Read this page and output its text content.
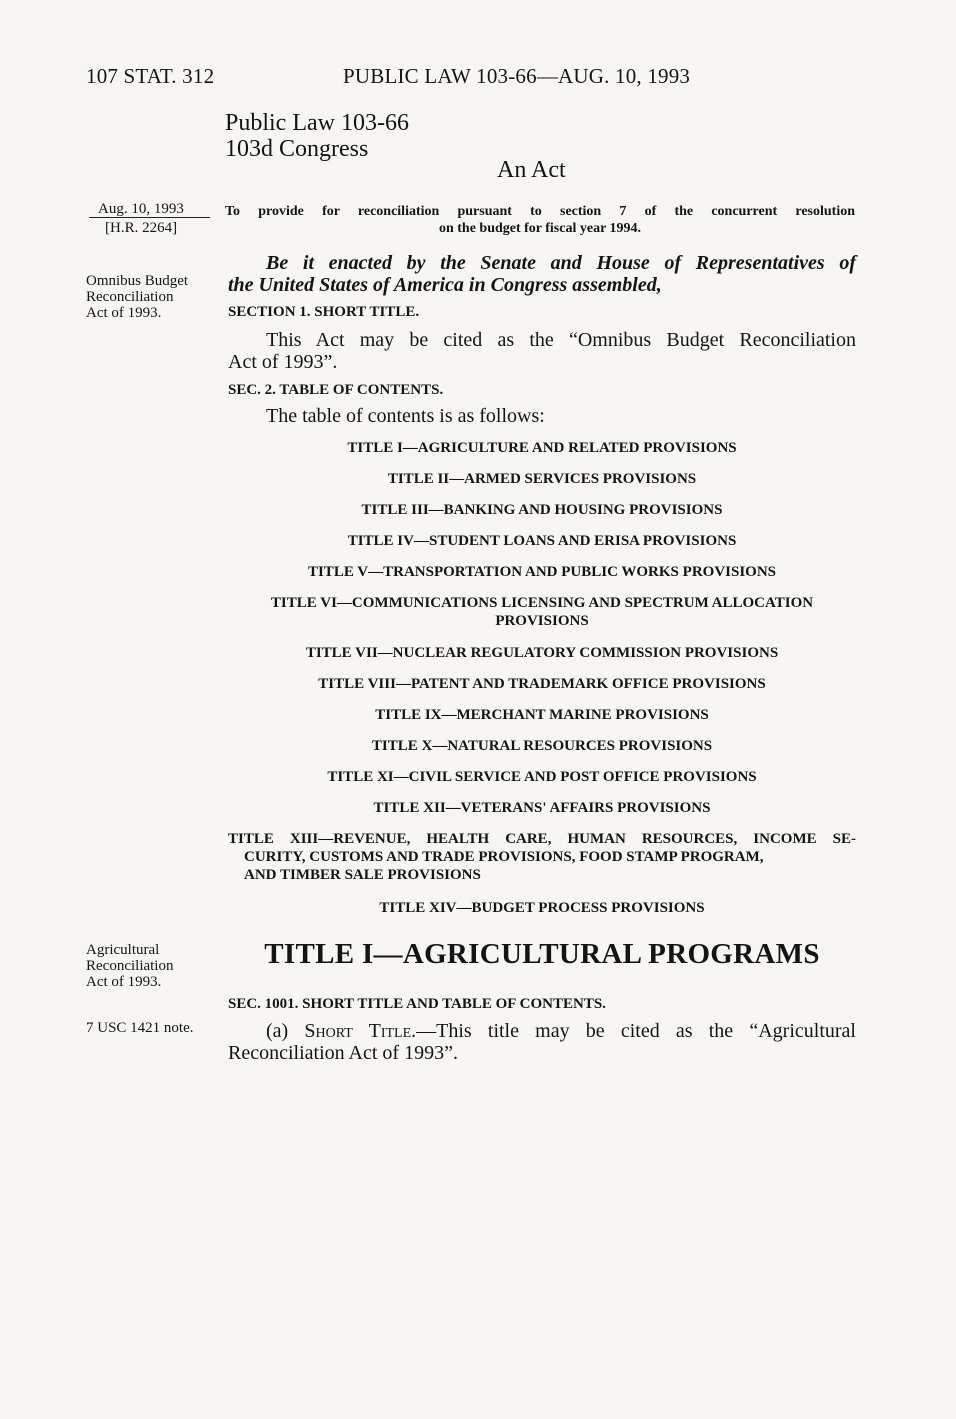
107 STAT. 312	PUBLIC LAW 103-66—AUG. 10, 1993
Public Law 103-66
103d Congress
An Act
Aug. 10, 1993
[H.R. 2264]
Omnibus Budget
Reconciliation
Act of 1993.
Agricultural
Reconciliation
Act of 1993.
7 USC 1421 note.
To provide for reconciliation pursuant to section 7 of the concurrent resolution
on the budget for fiscal year 1994.
Be it enacted by the Senate and House of Representatives of
the United States of America in Congress assembled,
SECTION 1. SHORT TITLE.
This Act may be cited as the “Omnibus Budget Reconciliation
Act of 1993”.
SEC. 2. TABLE OF CONTENTS.
The table of contents is as follows:
TITLE I—AGRICULTURE AND RELATED PROVISIONS
TITLE II—ARMED SERVICES PROVISIONS
TITLE III—BANKING AND HOUSING PROVISIONS
TITLE IV—STUDENT LOANS AND ERISA PROVISIONS
TITLE V—TRANSPORTATION AND PUBLIC WORKS PROVISIONS
TITLE VI—COMMUNICATIONS LICENSING AND SPECTRUM ALLOCATION
PROVISIONS
TITLE VII—NUCLEAR REGULATORY COMMISSION PROVISIONS
TITLE VIII—PATENT AND TRADEMARK OFFICE PROVISIONS
TITLE IX—MERCHANT MARINE PROVISIONS
TITLE X—NATURAL RESOURCES PROVISIONS
TITLE XI—CIVIL SERVICE AND POST OFFICE PROVISIONS
TITLE XII—VETERANS' AFFAIRS PROVISIONS
TITLE XIII—REVENUE, HEALTH CARE, HUMAN RESOURCES, INCOME SE-
CURITY, CUSTOMS AND TRADE PROVISIONS, FOOD STAMP PROGRAM,
AND TIMBER SALE PROVISIONS
TITLE XIV—BUDGET PROCESS PROVISIONS
TITLE I—AGRICULTURAL PROGRAMS
SEC. 1001. SHORT TITLE AND TABLE OF CONTENTS.
(a) Short Title.—This title may be cited as the “Agricultural
Reconciliation Act of 1993”.
